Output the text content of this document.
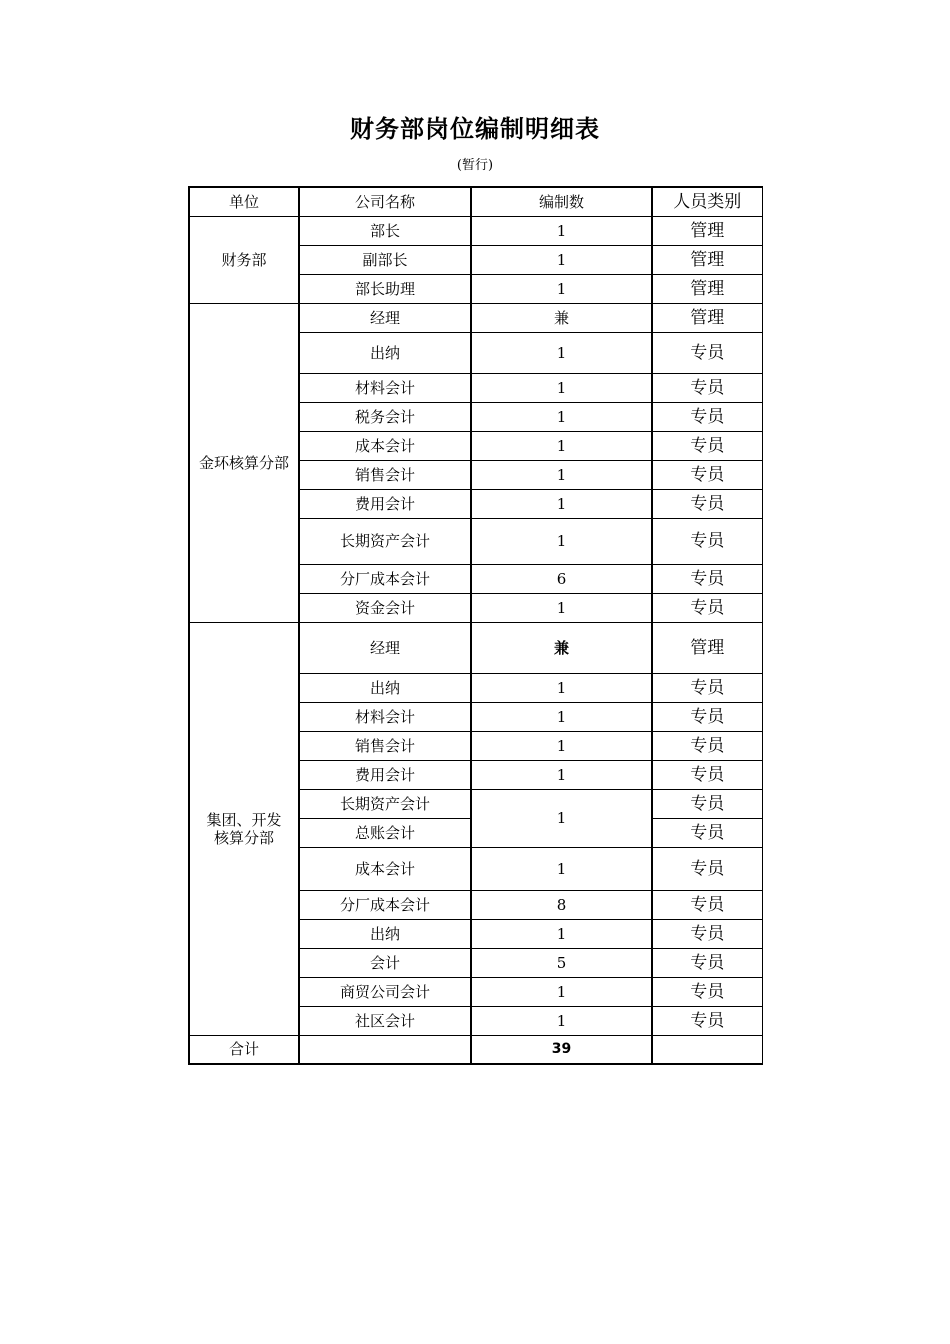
财务部岗位编制明细表
(暂行)
单位	公司名称	编制数	人员类别
财务部	部长	1	管理
	副部长	1	管理
	部长助理	1	管理
金环核算分部	经理	兼	管理
	出纳	1	专员
	材料会计	1	专员
	税务会计	1	专员
	成本会计	1	专员
	销售会计	1	专员
	费用会计	1	专员
	长期资产会计	1	专员
	分厂成本会计	6	专员
	资金会计	1	专员
集团、开发核算分部	经理	兼	管理
	出纳	1	专员
	材料会计	1	专员
	销售会计	1	专员
	费用会计	1	专员
	长期资产会计	1	专员
	总账会计		专员
	成本会计	1	专员
	分厂成本会计	8	专员
	出纳	1	专员
	会计	5	专员
	商贸公司会计	1	专员
	社区会计	1	专员
合计		39	
